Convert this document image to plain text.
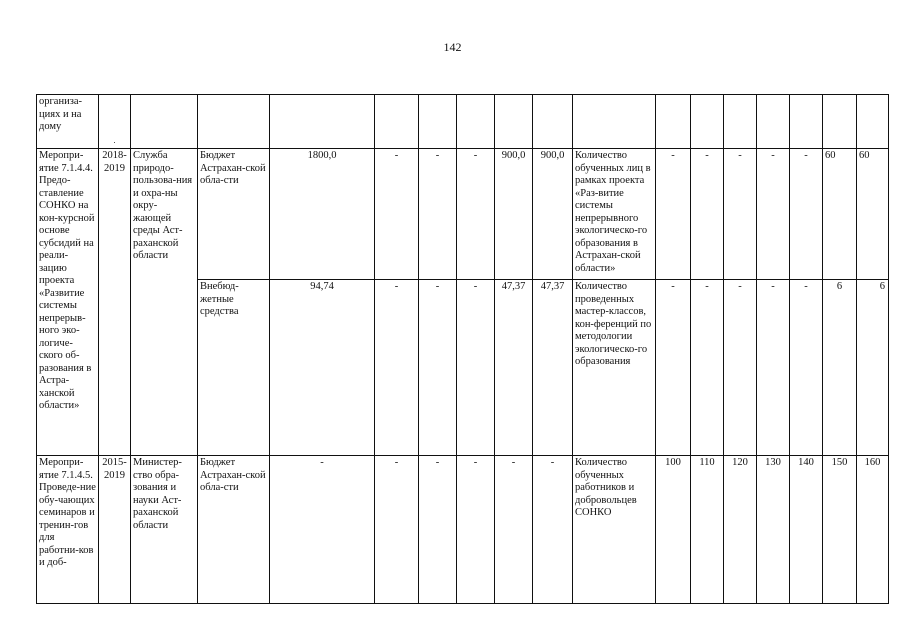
142
организа-циях и на дому	.																
Меропри-ятие 7.1.4.4. Предо-ставление СОНКО на кон-курсной основе субсидий на реали-зацию проекта «Развитие системы непрерыв-ного эко-логиче-ского об-разования в Астра-ханской области»	2018-2019	Служба природо-пользова-ния и охра-ны окру-жающей среды Аст-раханской области	Бюджет Астрахан-ской обла-сти	1800,0	-	-	-	900,0	900,0	Количество обученных лиц в рамках проекта «Раз-витие системы непрерывного экологическо-го образования в Астрахан-ской области»	-	-	-	-	-	60	60
			Внебюд-жетные средства	94,74	-	-	-	47,37	47,37	Количество проведенных мастер-классов, кон-ференций по методологии экологическо-го образования	-	-	-	-	-	6	6
Меропри-ятие 7.1.4.5. Проведе-ние обу-чающих семинаров и тренин-гов для работни-ков и доб-	2015-2019	Министер-ство обра-зования и науки Аст-раханской области	Бюджет Астрахан-ской обла-сти	-	-	-	-	-	-	Количество обученных работников и добровольцев СОНКО	100	110	120	130	140	150	160
